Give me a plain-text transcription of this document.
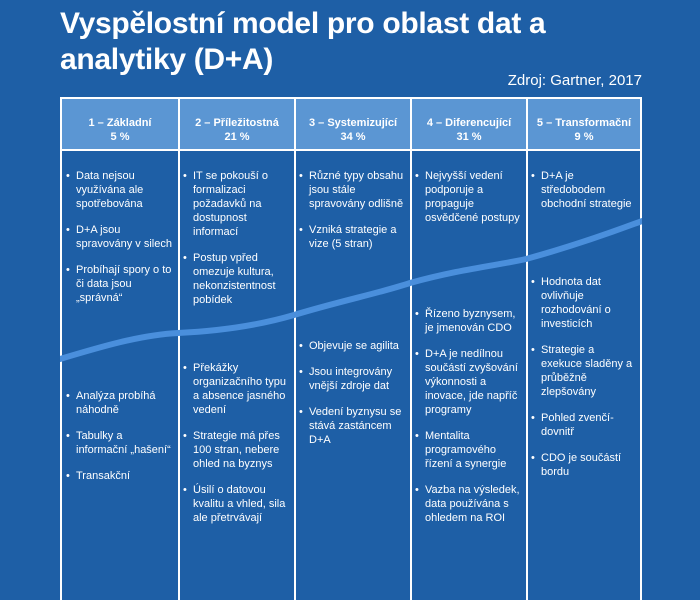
Vyspělostní model pro oblast dat a analytiky (D+A)
Zdroj: Gartner, 2017
1 – Základní
5 %
2 – Příležitostná
21 %
3 – Systemizující
34 %
4 – Diferencující
31 %
5 – Transformační
9 %
• Data nejsou využívána ale spotřebována
• D+A jsou spravovány v silech
• Probíhají spory o to či data jsou „správná“
• Analýza probíhá náhodně
• Tabulky a informační „hašení“
• Transakční
• IT se pokouší o formalizaci požadavků na dostupnost informací
• Postup vpřed omezuje kultura, nekonzistentnost pobídek
• Překážky organizačního typu a absence jasného vedení
• Strategie má přes 100 stran, nebere ohled na byznys
• Úsilí o datovou kvalitu a vhled, sila ale přetrvávají
• Různé typy obsahu jsou stále spravovány odlišně
• Vzniká strategie a vize (5 stran)
• Objevuje se agilita
• Jsou integrovány vnější zdroje dat
• Vedení byznysu se stává zastáncem D+A
• Nejvyšší vedení podporuje a propaguje osvědčené postupy
• Řízeno byznysem, je jmenován CDO
• D+A je nedílnou součástí zvyšování výkonnosti a inovace, jde napříč programy
• Mentalita programového řízení a synergie
• Vazba na výsledek, data používána s ohledem na ROI
• D+A je středobodem obchodní strategie
• Hodnota dat ovlivňuje rozhodování o investicích
• Strategie a exekuce sladěny a průběžně zlepšovány
• Pohled zvenčí-dovnitř
• CDO je součástí bordu
